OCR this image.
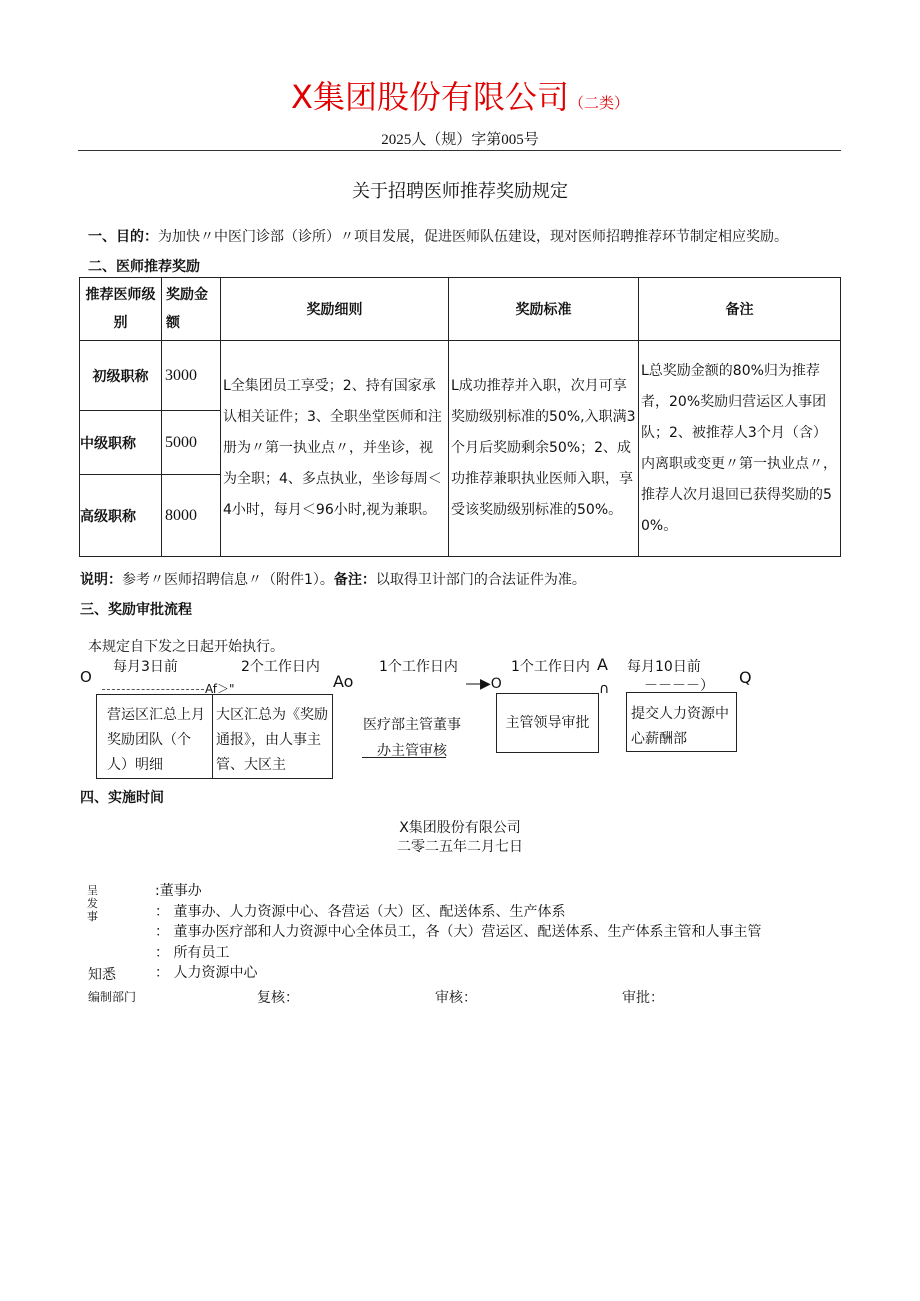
X集团股份有限公司（二类）
2025人（规）字第005号
关于招聘医师推荐奖励规定
一、目的：为加快〃中医门诊部（诊所）〃项目发展，促进医师队伍建设，现对医师招聘推荐环节制定相应奖励。
二、医师推荐奖励
推荐医师级别	奖励金额	奖励细则	奖励标准	备注
初级职称	3000	L全集团员工享受；2、持有国家承认相关证件；3、全职坐堂医师和注册为〃第一执业点〃，并坐诊，视为全职；4、多点执业，坐诊每周＜4小时，每月＜96小时,视为兼职。	L成功推荐并入职，次月可享奖励级别标准的50%,入职满3个月后奖励剩余50%；2、成功推荐兼职执业医师入职，享受该奖励级别标准的50%。	L总奖励金额的80%归为推荐者，20%奖励归营运区人事团队；2、被推荐人3个月（含）内离职或变更〃第一执业点〃，推荐人次月退回已获得奖励的50%。
中级职称	5000			
高级职称	8000			
说明：参考〃医师招聘信息〃（附件1）。备注：以取得卫计部门的合法证件为准。
三、奖励审批流程
本规定自下发之日起开始执行。
每月3日前	2个工作日内	1个工作日内	1个工作日内	每月10日前
O
Af＞"	Ao	―▶O
A
∩ －－－－） Q
营运区汇总上月奖励团队（个人）明细
大区汇总为《奖励通报》，由人事主管、大区主
医疗部主管董事办主管审核
主管领导审批
提交人力资源中心薪酬部
四、实施时间
X集团股份有限公司
二零二五年二月七日
呈
发
事
:董事办
： 董事办、人力资源中心、各营运（大）区、配送体系、生产体系
： 董事办医疗部和人力资源中心全体员工，各（大）营运区、配送体系、生产体系主管和人事主管
： 所有员工
知悉	： 人力资源中心
编制部门	复核：	审核：	审批：
